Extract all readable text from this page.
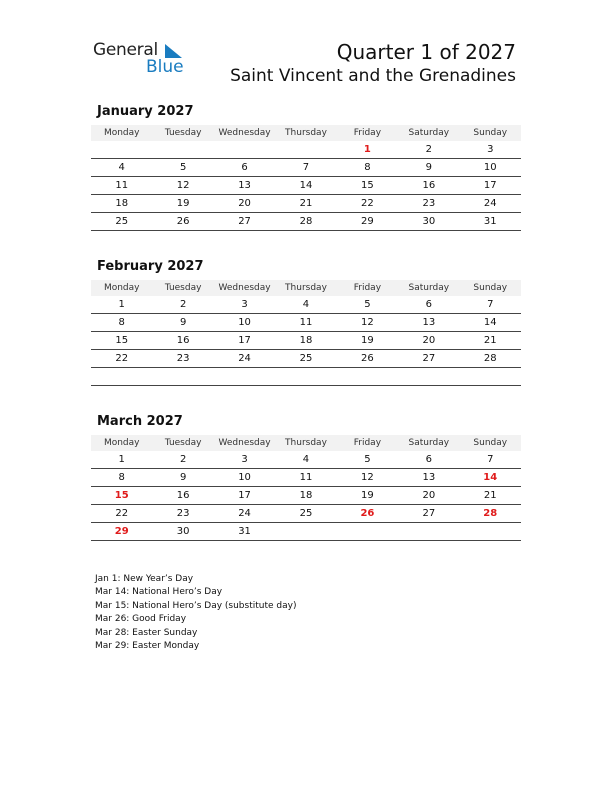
General
Blue
Quarter 1 of 2027
Saint Vincent and the Grenadines
January 2027
Monday	Tuesday	Wednesday	Thursday	Friday	Saturday	Sunday
				1	2	3
4	5	6	7	8	9	10
11	12	13	14	15	16	17
18	19	20	21	22	23	24
25	26	27	28	29	30	31
February 2027
Monday	Tuesday	Wednesday	Thursday	Friday	Saturday	Sunday
1	2	3	4	5	6	7
8	9	10	11	12	13	14
15	16	17	18	19	20	21
22	23	24	25	26	27	28

March 2027
Monday	Tuesday	Wednesday	Thursday	Friday	Saturday	Sunday
1	2	3	4	5	6	7
8	9	10	11	12	13	14
15	16	17	18	19	20	21
22	23	24	25	26	27	28
29	30	31				
Jan 1: New Year’s Day
Mar 14: National Hero’s Day
Mar 15: National Hero’s Day (substitute day)
Mar 26: Good Friday
Mar 28: Easter Sunday
Mar 29: Easter Monday
